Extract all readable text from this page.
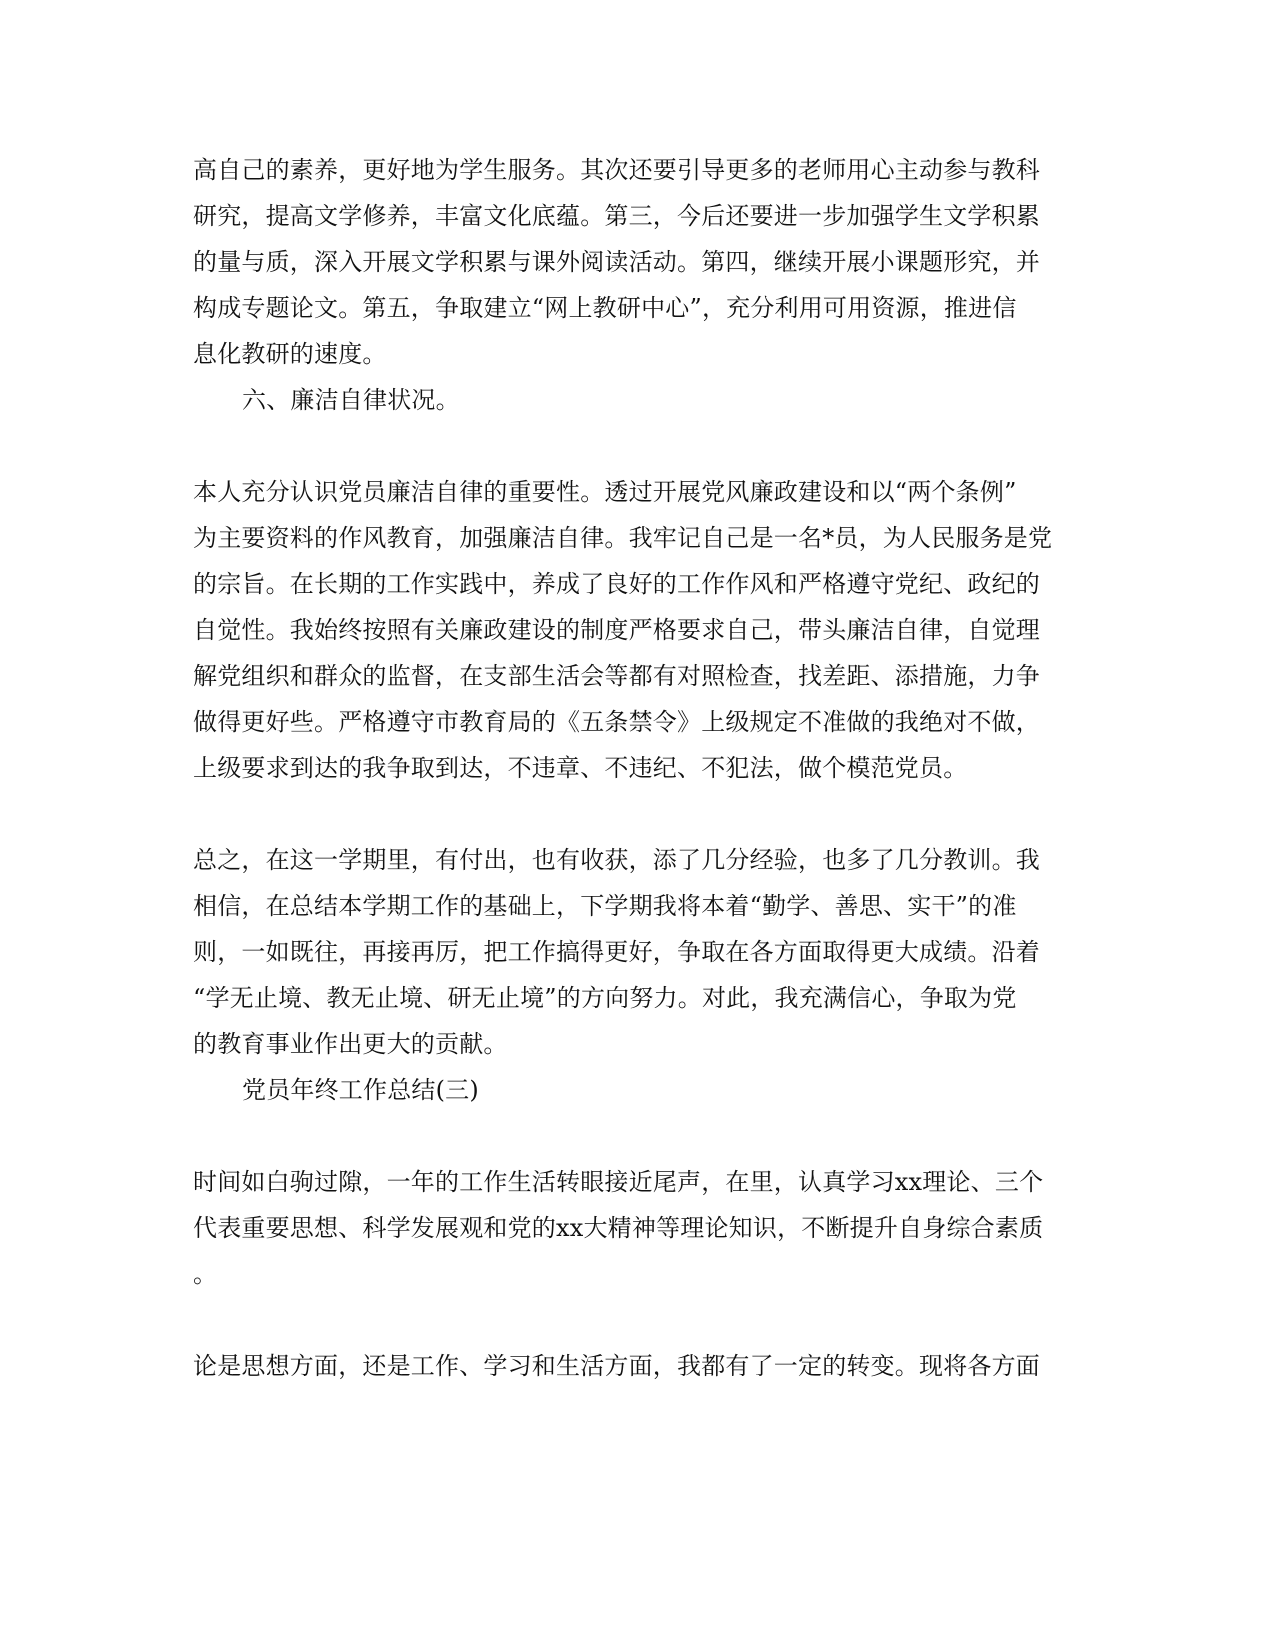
高自己的素养，更好地为学生服务。其次还要引导更多的老师用心主动参与教科
研究，提高文学修养，丰富文化底蕴。第三，今后还要进一步加强学生文学积累
的量与质，深入开展文学积累与课外阅读活动。第四，继续开展小课题形究，并
构成专题论文。第五，争取建立“网上教研中心”，充分利用可用资源，推进信
息化教研的速度。
六、廉洁自律状况。
本人充分认识党员廉洁自律的重要性。透过开展党风廉政建设和以“两个条例”
为主要资料的作风教育，加强廉洁自律。我牢记自己是一名*员，为人民服务是党
的宗旨。在长期的工作实践中，养成了良好的工作作风和严格遵守党纪、政纪的
自觉性。我始终按照有关廉政建设的制度严格要求自己，带头廉洁自律，自觉理
解党组织和群众的监督，在支部生活会等都有对照检查，找差距、添措施，力争
做得更好些。严格遵守市教育局的《五条禁令》上级规定不准做的我绝对不做，
上级要求到达的我争取到达，不违章、不违纪、不犯法，做个模范党员。
总之，在这一学期里，有付出，也有收获，添了几分经验，也多了几分教训。我
相信，在总结本学期工作的基础上，下学期我将本着“勤学、善思、实干”的准
则，一如既往，再接再厉，把工作搞得更好，争取在各方面取得更大成绩。沿着
“学无止境、教无止境、研无止境”的方向努力。对此，我充满信心，争取为党
的教育事业作出更大的贡献。
党员年终工作总结(三)
时间如白驹过隙，一年的工作生活转眼接近尾声，在里，认真学习xx理论、三个
代表重要思想、科学发展观和党的xx大精神等理论知识，不断提升自身综合素质
。
论是思想方面，还是工作、学习和生活方面，我都有了一定的转变。现将各方面
